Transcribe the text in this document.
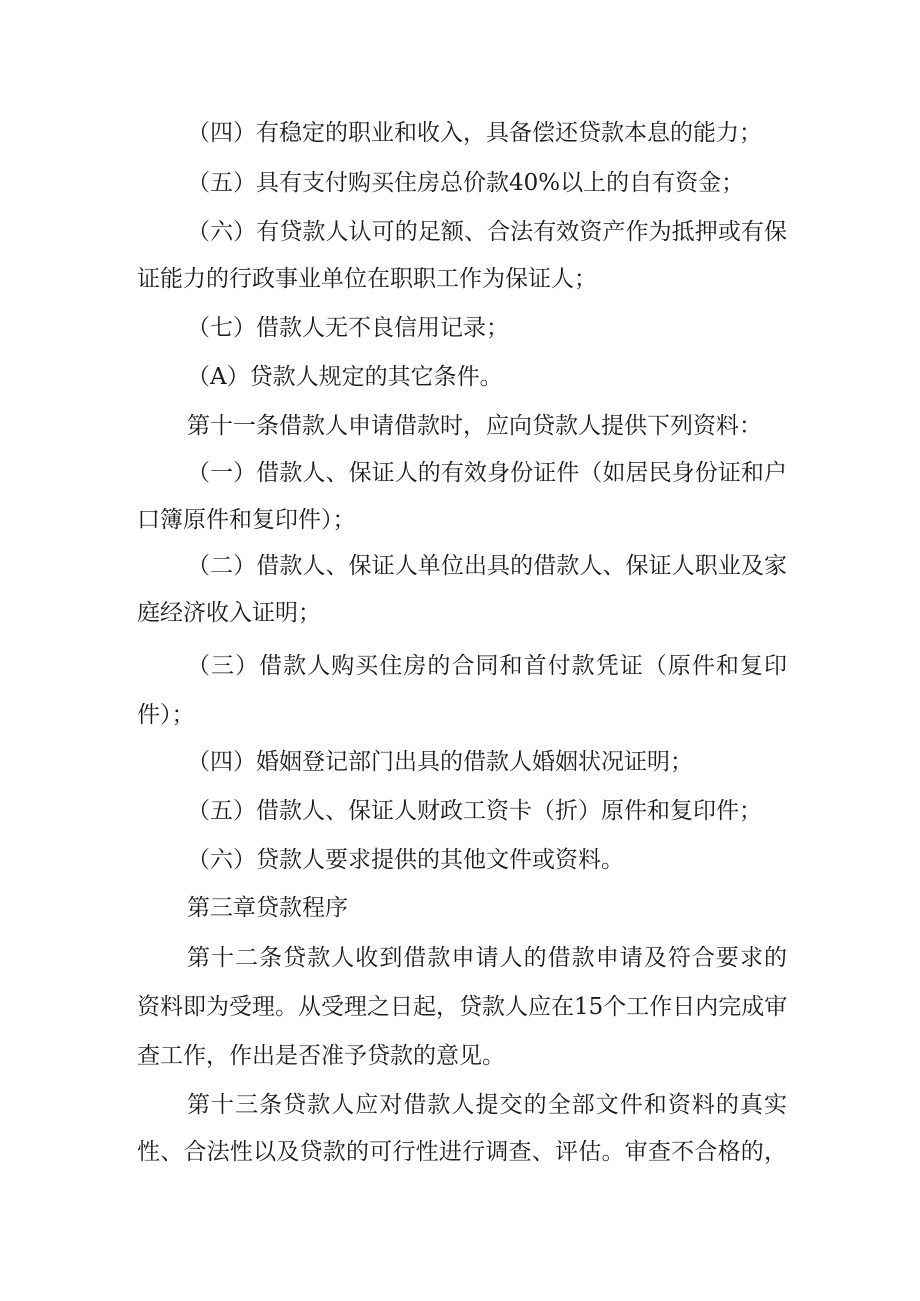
（四）有稳定的职业和收入，具备偿还贷款本息的能力；
（五）具有支付购买住房总价款40%以上的自有资金；
（六）有贷款人认可的足额、合法有效资产作为抵押或有保
证能力的行政事业单位在职职工作为保证人；
（七）借款人无不良信用记录；
（A）贷款人规定的其它条件。
第十一条借款人申请借款时，应向贷款人提供下列资料：
（一）借款人、保证人的有效身份证件（如居民身份证和户
口簿原件和复印件）；
（二）借款人、保证人单位出具的借款人、保证人职业及家
庭经济收入证明；
（三）借款人购买住房的合同和首付款凭证（原件和复印
件）；
（四）婚姻登记部门出具的借款人婚姻状况证明；
（五）借款人、保证人财政工资卡（折）原件和复印件；
（六）贷款人要求提供的其他文件或资料。
第三章贷款程序
第十二条贷款人收到借款申请人的借款申请及符合要求的
资料即为受理。从受理之日起，贷款人应在15个工作日内完成审
查工作，作出是否准予贷款的意见。
第十三条贷款人应对借款人提交的全部文件和资料的真实
性、合法性以及贷款的可行性进行调查、评估。审查不合格的，
